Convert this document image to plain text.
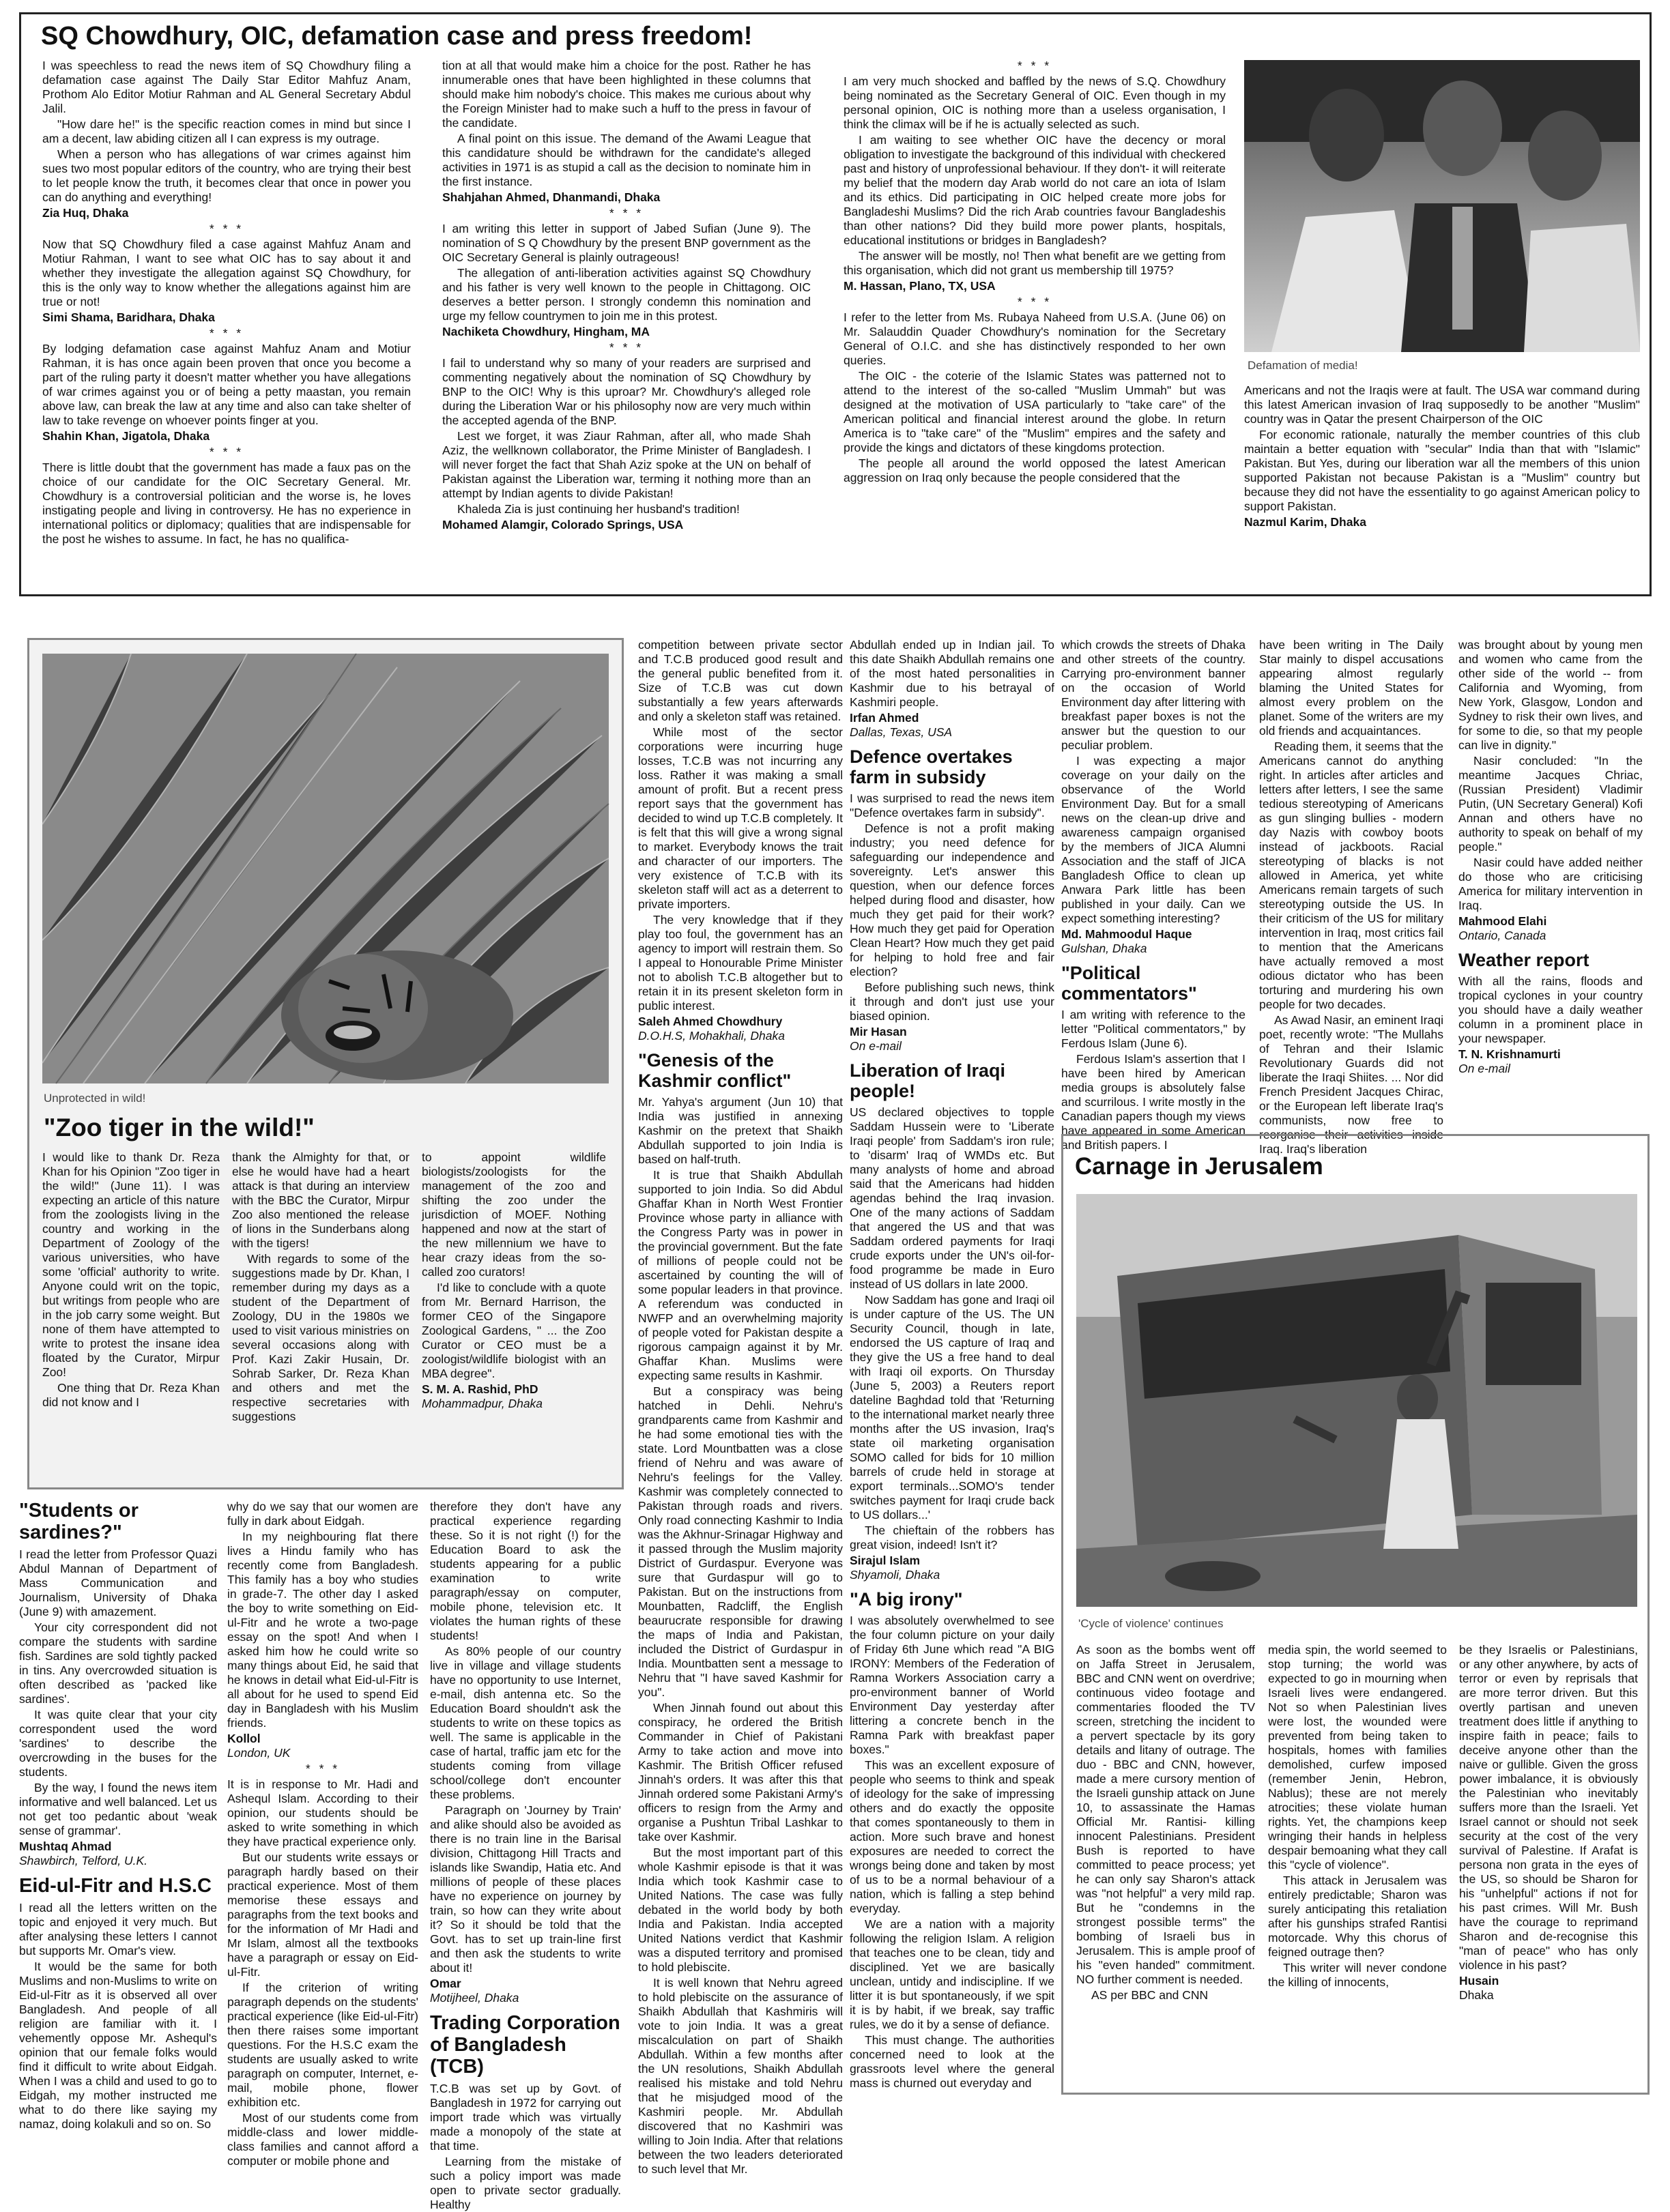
SQ Chowdhury, OIC, defamation case and press freedom!

I was speechless to read the news item of SQ Chowdhury filing a defamation case against The Daily Star Editor Mahfuz Anam, Prothom Alo Editor Motiur Rahman and AL General Secretary Abdul Jalil.

"How dare he!" is the specific reaction comes in mind but since I am a decent, law abiding citizen all I can express is my outrage.

When a person who has allegations of war crimes against him sues two most popular editors of the country, who are trying their best to let people know the truth, it becomes clear that once in power you can do anything and everything!

Zia Huq, Dhaka

* * *

Now that SQ Chowdhury filed a case against Mahfuz Anam and Motiur Rahman, I want to see what OIC has to say about it and whether they investigate the allegation against SQ Chowdhury, for this is the only way to know whether the allegations against him are true or not!

Simi Shama, Baridhara, Dhaka

* * *

By lodging defamation case against Mahfuz Anam and Motiur Rahman, it is has once again been proven that once you become a part of the ruling party it doesn't matter whether you have allegations of war crimes against you or of being a petty maastan, you remain above law, can break the law at any time and also can take shelter of law to take revenge on whoever points finger at you.

Shahin Khan, Jigatola, Dhaka

* * *

There is little doubt that the government has made a faux pas on the choice of our candidate for the OIC Secretary General. Mr. Chowdhury is a controversial politician and the worse is, he loves instigating people and living in controversy. He has no experience in international politics or diplomacy; qualities that are indispensable for the post he wishes to assume. In fact, he has no qualifica-

tion at all that would make him a choice for the post. Rather he has innumerable ones that have been highlighted in these columns that should make him nobody's choice. This makes me curious about why the Foreign Minister had to make such a huff to the press in favour of the candidate.

A final point on this issue. The demand of the Awami League that this candidature should be withdrawn for the candidate's alleged activities in 1971 is as stupid a call as the decision to nominate him in the first instance.

Shahjahan Ahmed, Dhanmandi, Dhaka

* * *

I am writing this letter in support of Jabed Sufian (June 9). The nomination of S Q Chowdhury by the present BNP government as the OIC Secretary General is plainly outrageous!

The allegation of anti-liberation activities against SQ Chowdhury and his father is very well known to the people in Chittagong. OIC deserves a better person. I strongly condemn this nomination and urge my fellow countrymen to join me in this protest.

Nachiketa Chowdhury, Hingham, MA

* * *

I fail to understand why so many of your readers are surprised and commenting negatively about the nomination of SQ Chowdhury by BNP to the OIC! Why is this uproar? Mr. Chowdhury's alleged role during the Liberation War or his philosophy now are very much within the accepted agenda of the BNP.

Lest we forget, it was Ziaur Rahman, after all, who made Shah Aziz, the wellknown collaborator, the Prime Minister of Bangladesh. I will never forget the fact that Shah Aziz spoke at the UN on behalf of Pakistan against the Liberation war, terming it nothing more than an attempt by Indian agents to divide Pakistan!

Khaleda Zia is just continuing her husband's tradition!

Mohamed Alamgir, Colorado Springs, USA

* * *

I am very much shocked and baffled by the news of S.Q. Chowdhury being nominated as the Secretary General of OIC. Even though in my personal opinion, OIC is nothing more than a useless organisation, I think the climax will be if he is actually selected as such.

I am waiting to see whether OIC have the decency or moral obligation to investigate the background of this individual with checkered past and history of unprofessional behaviour. If they don't- it will reiterate my belief that the modern day Arab world do not care an iota of Islam and its ethics. Did participating in OIC helped create more jobs for Bangladeshi Muslims? Did the rich Arab countries favour Bangladeshis than other nations? Did they build more power plants, hospitals, educational institutions or bridges in Bangladesh?

The answer will be mostly, no! Then what benefit are we getting from this organisation, which did not grant us membership till 1975?

M. Hassan, Plano, TX, USA

* * *

I refer to the letter from Ms. Rubaya Naheed from U.S.A. (June 06) on Mr. Salauddin Quader Chowdhury's nomination for the Secretary General of O.I.C. and she has distinctively responded to her own queries.

The OIC - the coterie of the Islamic States was patterned not to attend to the interest of the so-called "Muslim Ummah" but was designed at the motivation of USA particularly to "take care" of the American political and financial interest around the globe. In return America is to "take care" of the "Muslim" empires and the safety and provide the kings and dictators of these kingdoms protection.

The people all around the world opposed the latest American aggression on Iraq only because the people considered that the

Defamation of media!

Americans and not the Iraqis were at fault. The USA war command during this latest American invasion of Iraq supposedly to be another "Muslim" country was in Qatar the present Chairperson of the OIC

For economic rationale, naturally the member countries of this club maintain a better equation with "secular" India than that with "Islamic" Pakistan. But Yes, during our liberation war all the members of this union supported Pakistan not because Pakistan is a "Muslim" country but because they did not have the essentiality to go against American policy to support Pakistan.

Nazmul Karim, Dhaka

Unprotected in wild!
"Zoo tiger in the wild!"

I would like to thank Dr. Reza Khan for his Opinion "Zoo tiger in the wild!" (June 11). I was expecting an article of this nature from the zoologists living in the country and working in the Department of Zoology of the various universities, who have some 'official' authority to write. Anyone could writ on the topic, but writings from people who are in the job carry some weight. But none of them have attempted to write to protest the insane idea floated by the Curator, Mirpur Zoo!

One thing that Dr. Reza Khan did not know and I

thank the Almighty for that, or else he would have had a heart attack is that during an interview with the BBC the Curator, Mirpur Zoo also mentioned the release of lions in the Sunderbans along with the tigers!

With regards to some of the suggestions made by Dr. Khan, I remember during my days as a student of the Department of Zoology, DU in the 1980s we used to visit various ministries on several occasions along with Prof. Kazi Zakir Husain, Dr. Sohrab Sarker, Dr. Reza Khan and others and met the respective secretaries with suggestions

to appoint wildlife biologists/zoologists for the management of the zoo and shifting the zoo under the jurisdiction of MOEF. Nothing happened and now at the start of the new millennium we have to hear crazy ideas from the so-called zoo curators!

I'd like to conclude with a quote from Mr. Bernard Harrison, the former CEO of the Singapore Zoological Gardens, " ... the Zoo Curator or CEO must be a zoologist/wildlife biologist with an MBA degree".

S. M. A. Rashid, PhD

Mohammadpur, Dhaka

competition between private sector and T.C.B produced good result and the general public benefited from it. Size of T.C.B was cut down substantially a few years afterwards and only a skeleton staff was retained.

While most of the sector corporations were incurring huge losses, T.C.B was not incurring any loss. Rather it was making a small amount of profit. But a recent press report says that the government has decided to wind up T.C.B completely. It is felt that this will give a wrong signal to market. Everybody knows the trait and character of our importers. The very existence of T.C.B with its skeleton staff will act as a deterrent to private importers.

The very knowledge that if they play too foul, the government has an agency to import will restrain them. So I appeal to Honourable Prime Minister not to abolish T.C.B altogether but to retain it in its present skeleton form in public interest.

Saleh Ahmed Chowdhury

D.O.H.S, Mohakhali, Dhaka

"Genesis of the Kashmir conflict"

Mr. Yahya's argument (Jun 10) that India was justified in annexing Kashmir on the pretext that Shaikh Abdullah supported to join India is based on half-truth.

It is true that Shaikh Abdullah supported to join India. So did Abdul Ghaffar Khan in North West Frontier Province whose party in alliance with the Congress Party was in power in the provincial government. But the fate of millions of people could not be ascertained by counting the will of some popular leaders in that province. A referendum was conducted in NWFP and an overwhelming majority of people voted for Pakistan despite a rigorous campaign against it by Mr. Ghaffar Khan. Muslims were expecting same results in Kashmir.

But a conspiracy was being hatched in Dehli. Nehru's grandparents came from Kashmir and he had some emotional ties with the state. Lord Mountbatten was a close friend of Nehru and was aware of Nehru's feelings for the Valley. Kashmir was completely connected to Pakistan through roads and rivers. Only road connecting Kashmir to India was the Akhnur-Srinagar Highway and it passed through the Muslim majority District of Gurdaspur. Everyone was sure that Gurdaspur will go to Pakistan. But on the instructions from Mounbatten, Radcliff, the English beaurucrate responsible for drawing the maps of India and Pakistan, included the District of Gurdaspur in India. Mountbatten sent a message to Nehru that "I have saved Kashmir for you".

When Jinnah found out about this conspiracy, he ordered the British Commander in Chief of Pakistani Army to take action and move into Kashmir. The British Officer refused Jinnah's orders. It was after this that Jinnah ordered some Pakistani Army's officers to resign from the Army and organise a Pushtun Tribal Lashkar to take over Kashmir.

But the most important part of this whole Kashmir episode is that it was India which took Kashmir case to United Nations. The case was fully debated in the world body by both India and Pakistan. India accepted United Nations verdict that Kashmir was a disputed territory and promised to hold plebiscite.

It is well known that Nehru agreed to hold plebiscite on the assurance of Shaikh Abdullah that Kashmiris will vote to join India. It was a great miscalculation on part of Shaikh Abdullah. Within a few months after the UN resolutions, Shaikh Abdullah realised his mistake and told Nehru that he misjudged mood of the Kashmiri people. Mr. Abdullah discovered that no Kashmiri was willing to Join India. After that relations between the two leaders deteriorated to such level that Mr.

Abdullah ended up in Indian jail. To this date Shaikh Abdullah remains one of the most hated personalities in Kashmir due to his betrayal of Kashmiri people.

Irfan Ahmed

Dallas, Texas, USA

Defence overtakes farm in subsidy

I was surprised to read the news item "Defence overtakes farm in subsidy".

Defence is not a profit making industry; you need defence for safeguarding our independence and sovereignty. Let's answer this question, when our defence forces helped during flood and disaster, how much they get paid for their work? How much they get paid for Operation Clean Heart? How much they get paid for helping to hold free and fair election?

Before publishing such news, think it through and don't just use your biased opinion.

Mir Hasan

On e-mail

Liberation of Iraqi people!

US declared objectives to topple Saddam Hussein were to 'Liberate Iraqi people' from Saddam's iron rule; to 'disarm' Iraq of WMDs etc. But many analysts of home and abroad said that the Americans had hidden agendas behind the Iraq invasion. One of the many actions of Saddam that angered the US and that was Saddam ordered payments for Iraqi crude exports under the UN's oil-for-food programme be made in Euro instead of US dollars in late 2000.

Now Saddam has gone and Iraqi oil is under capture of the US. The UN Security Council, though in late, endorsed the US capture of Iraq and they give the US a free hand to deal with Iraqi oil exports. On Thursday (June 5, 2003) a Reuters report dateline Baghdad told that 'Returning to the international market nearly three months after the US invasion, Iraq's state oil marketing organisation SOMO called for bids for 10 million barrels of crude held in storage at export terminals...SOMO's tender switches payment for Iraqi crude back to US dollars...'

The chieftain of the robbers has great vision, indeed! Isn't it?

Sirajul Islam

Shyamoli, Dhaka

"A big irony"

I was absolutely overwhelmed to see the four column picture on your daily of Friday 6th June which read "A BIG IRONY: Members of the Federation of Ramna Workers Association carry a pro-environment banner of World Environment Day yesterday after littering a concrete bench in the Ramna Park with breakfast paper boxes."

This was an excellent exposure of people who seems to think and speak of ideology for the sake of impressing others and do exactly the opposite that comes spontaneously to them in action. More such brave and honest exposures are needed to correct the wrongs being done and taken by most of us to be a normal behaviour of a nation, which is falling a step behind everyday.

We are a nation with a majority following the religion Islam. A religion that teaches one to be clean, tidy and disciplined. Yet we are basically unclean, untidy and indiscipline. If we litter it is but spontaneously, if we spit it is by habit, if we break, say traffic rules, we do it by a sense of defiance.

This must change. The authorities concerned need to look at the grassroots level where the general mass is churned out everyday and

which crowds the streets of Dhaka and other streets of the country. Carrying pro-environment banner on the occasion of World Environment day after littering with breakfast paper boxes is not the answer but the question to our peculiar problem.

I was expecting a major coverage on your daily on the observance of the World Environment Day. But for a small news on the clean-up drive and awareness campaign organised by the members of JICA Alumni Association and the staff of JICA Bangladesh Office to clean up Anwara Park little has been published in your daily. Can we expect something interesting?

Md. Mahmoodul Haque

Gulshan, Dhaka

"Political commentators"

I am writing with reference to the letter "Political commentators," by Ferdous Islam (June 6).

Ferdous Islam's assertion that I have been hired by American media groups is absolutely false and scurrilous. I write mostly in the Canadian papers though my views have appeared in some American and British papers. I

have been writing in The Daily Star mainly to dispel accusations appearing almost regularly blaming the United States for almost every problem on the planet. Some of the writers are my old friends and acquaintances.

Reading them, it seems that the Americans cannot do anything right. In articles after articles and letters after letters, I see the same tedious stereotyping of Americans as gun slinging bullies - modern day Nazis with cowboy boots instead of jackboots. Racial stereotyping of blacks is not allowed in America, yet white Americans remain targets of such stereotyping outside the US. In their criticism of the US for military intervention in Iraq, most critics fail to mention that the Americans have actually removed a most odious dictator who has been torturing and murdering his own people for two decades.

As Awad Nasir, an eminent Iraqi poet, recently wrote: "The Mullahs of Tehran and their Islamic Revolutionary Guards did not liberate the Iraqi Shiites. ... Nor did French President Jacques Chirac, or the European left liberate Iraq's communists, now free to reorganise their activities inside Iraq. Iraq's liberation

was brought about by young men and women who came from the other side of the world -- from California and Wyoming, from New York, Glasgow, London and Sydney to risk their own lives, and for some to die, so that my people can live in dignity."

Nasir concluded: "In the meantime Jacques Chriac, (Russian President) Vladimir Putin, (UN Secretary General) Kofi Annan and others have no authority to speak on behalf of my people."

Nasir could have added neither do those who are criticising America for military intervention in Iraq.

Mahmood Elahi

Ontario, Canada

Weather report

With all the rains, floods and tropical cyclones in your country you should have a daily weather column in a prominent place in your newspaper.

T. N. Krishnamurti

On e-mail

Carnage in Jerusalem
'Cycle of violence' continues

As soon as the bombs went off on Jaffa Street in Jerusalem, BBC and CNN went on overdrive; continuous video footage and commentaries flooded the TV screen, stretching the incident to a pervert spectacle by its gory details and litany of outrage. The duo - BBC and CNN, however, made a mere cursory mention of the Israeli gunship attack on June 10, to assassinate the Hamas Official Mr. Rantisi- killing innocent Palestinians. President Bush is reported to have committed to peace process; yet he can only say Sharon's attack was "not helpful" a very mild rap. But he "condemns in the strongest possible terms" the bombing of Israeli bus in Jerusalem. This is ample proof of his "even handed" commitment. NO further comment is needed.

AS per BBC and CNN

media spin, the world seemed to stop turning; the world was expected to go in mourning when Israeli lives were endangered. Not so when Palestinian lives were lost, the wounded were prevented from being taken to hospitals, homes with families demolished, curfew imposed (remember Jenin, Hebron, Nablus); these are not merely atrocities; these violate human rights. Yet, the champions keep wringing their hands in helpless despair bemoaning what they call this "cycle of violence".

This attack in Jerusalem was entirely predictable; Sharon was surely anticipating this retaliation after his gunships strafed Rantisi motorcade. Why this chorus of feigned outrage then?

This writer will never condone the killing of innocents,

be they Israelis or Palestinians, or any other anywhere, by acts of terror or even by reprisals that are more terror driven. But this overtly partisan and uneven treatment does little if anything to inspire faith in peace; fails to deceive anyone other than the naive or gullible. Given the gross power imbalance, it is obviously the Palestinian who inevitably suffers more than the Israeli. Yet Israel cannot or should not seek security at the cost of the very survival of Palestine. If Arafat is persona non grata in the eyes of the US, so should be Sharon for his "unhelpful" actions if not for his past crimes. Will Mr. Bush have the courage to reprimand Sharon and de-recognise this "man of peace" who has only violence in his past?

Husain

Dhaka

"Students or sardines?"

I read the letter from Professor Quazi Abdul Mannan of Department of Mass Communication and Journalism, University of Dhaka (June 9) with amazement.

Your city correspondent did not compare the students with sardine fish. Sardines are sold tightly packed in tins. Any overcrowded situation is often described as 'packed like sardines'.

It was quite clear that your city correspondent used the word 'sardines' to describe the overcrowding in the buses for the students.

By the way, I found the news item informative and well balanced. Let us not get too pedantic about 'weak sense of grammar'.

Mushtaq Ahmad

Shawbirch, Telford, U.K.

Eid-ul-Fitr and H.S.C

I read all the letters written on the topic and enjoyed it very much. But after analysing these letters I cannot but supports Mr. Omar's view.

It would be the same for both Muslims and non-Muslims to write on Eid-ul-Fitr as it is observed all over Bangladesh. And people of all religion are familiar with it. I vehemently oppose Mr. Ashequl's opinion that our female folks would find it difficult to write about Eidgah. When I was a child and used to go to Eidgah, my mother instructed me what to do there like saying my namaz, doing kolakuli and so on. So

why do we say that our women are fully in dark about Eidgah.

In my neighbouring flat there lives a Hindu family who has recently come from Bangladesh. This family has a boy who studies in grade-7. The other day I asked the boy to write something on Eid-ul-Fitr and he wrote a two-page essay on the spot! And when I asked him how he could write so many things about Eid, he said that he knows in detail what Eid-ul-Fitr is all about for he used to spend Eid day in Bangladesh with his Muslim friends.

Kollol

London, UK

* * *

It is in response to Mr. Hadi and Ashequl Islam. According to their opinion, our students should be asked to write something in which they have practical experience only.

But our students write essays or paragraph hardly based on their practical experience. Most of them memorise these essays and paragraphs from the text books and for the information of Mr Hadi and Mr Islam, almost all the textbooks have a paragraph or essay on Eid-ul-Fitr.

If the criterion of writing paragraph depends on the students' practical experience (like Eid-ul-Fitr) then there raises some important questions. For the H.S.C exam the students are usually asked to write paragraph on computer, Internet, e-mail, mobile phone, flower exhibition etc.

Most of our students come from middle-class and lower middle-class families and cannot afford a computer or mobile phone and

therefore they don't have any practical experience regarding these. So it is not right (!) for the Education Board to ask the students appearing for a public examination to write paragraph/essay on computer, mobile phone, television etc. It violates the human rights of these students!

As 80% people of our country live in village and village students have no opportunity to use Internet, e-mail, dish antenna etc. So the Education Board shouldn't ask the students to write on these topics as well. The same is applicable in the case of hartal, traffic jam etc for the students coming from village school/college don't encounter these problems.

Paragraph on 'Journey by Train' and alike should also be avoided as there is no train line in the Barisal division, Chittagong Hill Tracts and islands like Swandip, Hatia etc. And millions of people of these places have no experience on journey by train, so how can they write about it? So it should be told that the Govt. has to set up train-line first and then ask the students to write about it!

Omar

Motijheel, Dhaka

Trading Corporation of Bangladesh (TCB)

T.C.B was set up by Govt. of Bangladesh in 1972 for carrying out import trade which was virtually made a monopoly of the state at that time.

Learning from the mistake of such a policy import was made open to private sector gradually. Healthy
